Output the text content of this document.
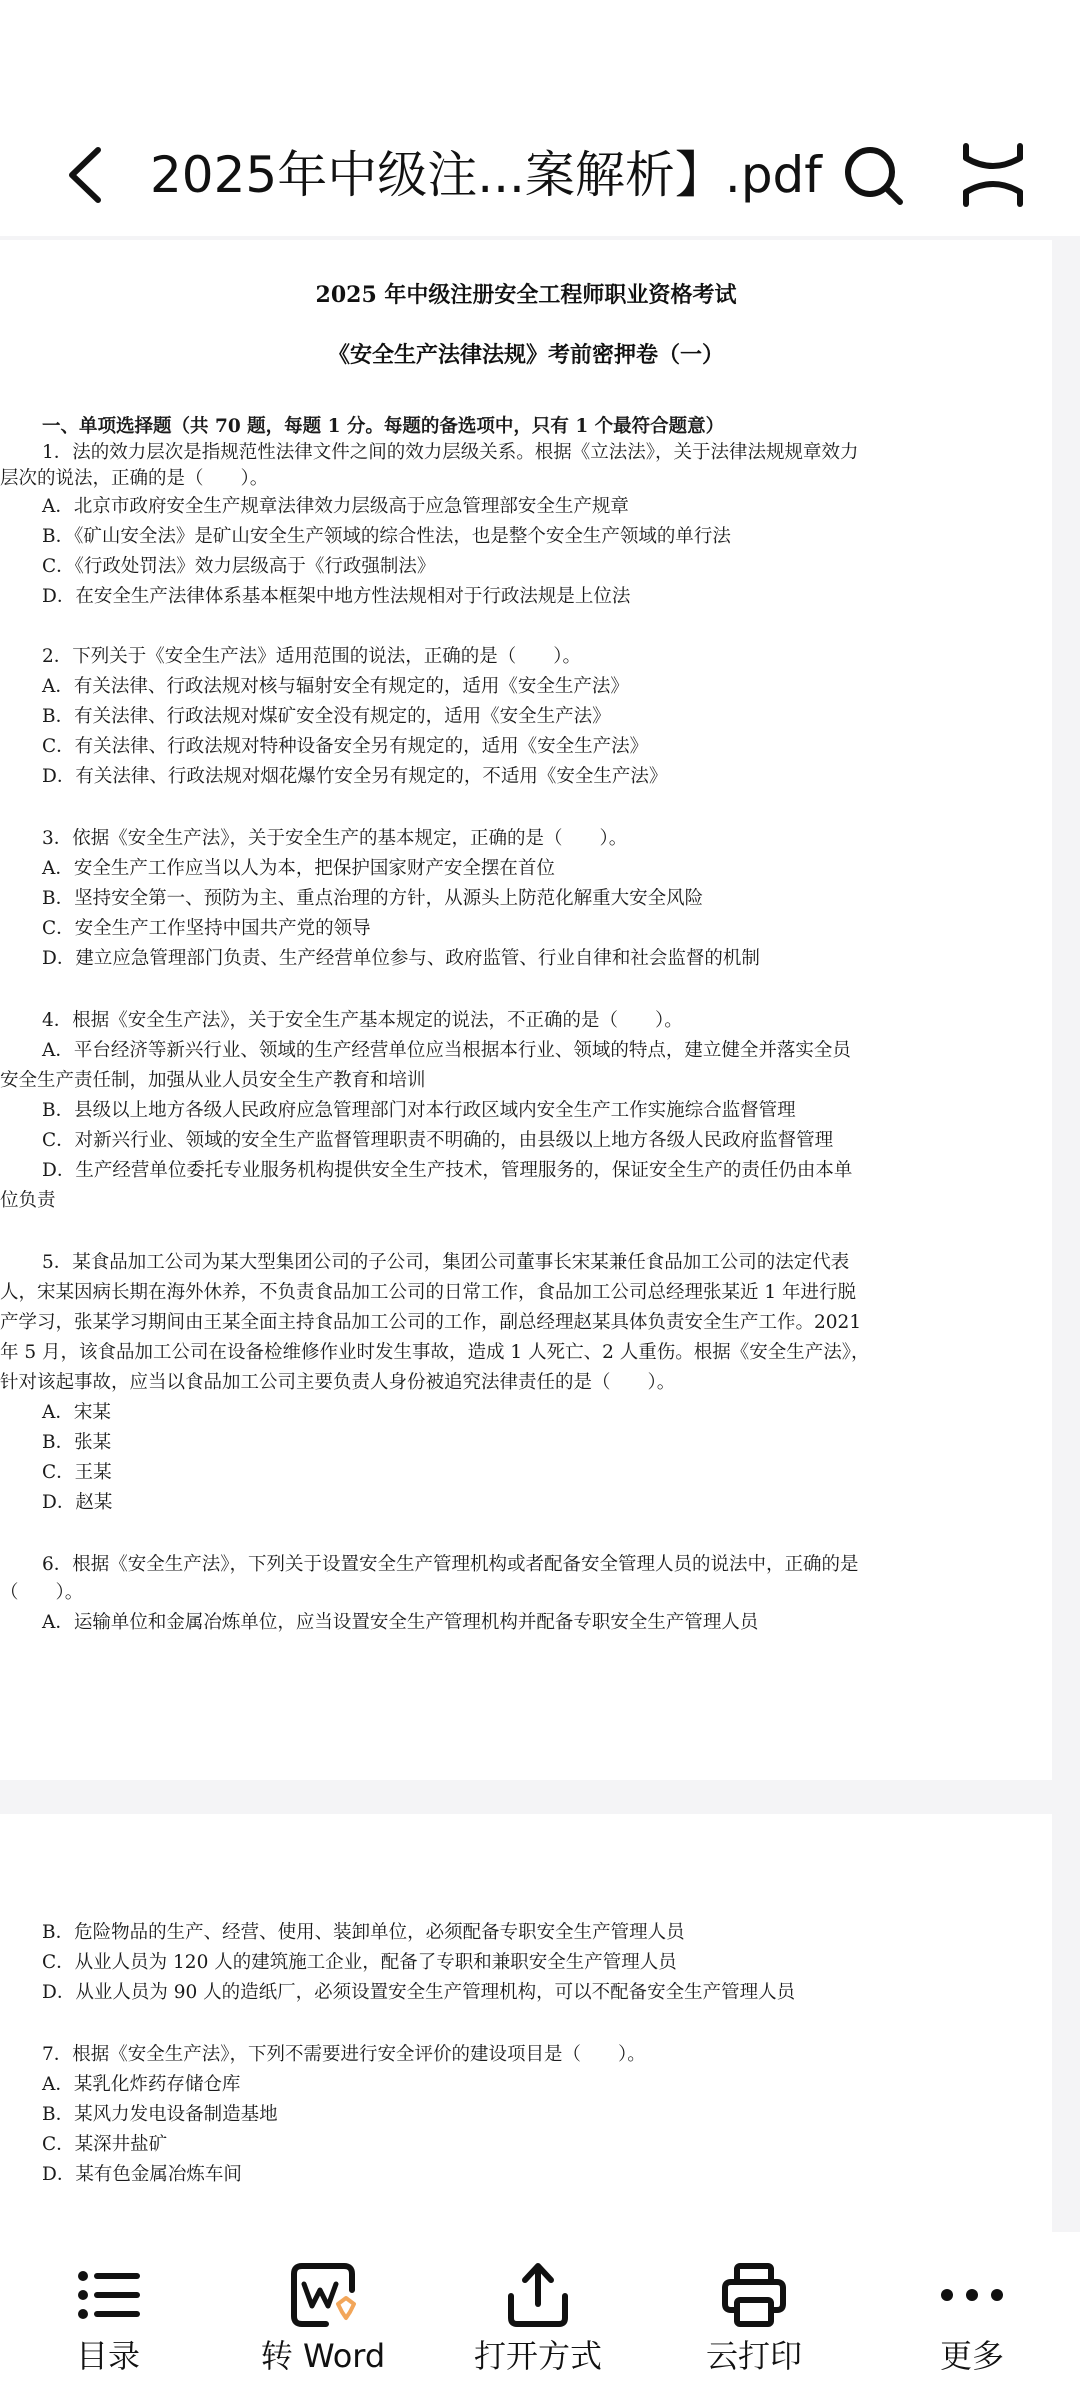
2025年中级注...案解析】.pdf
2025 年中级注册安全工程师职业资格考试
《安全生产法律法规》考前密押卷（一）
一、单项选择题（共 70 题，每题 1 分。每题的备选项中，只有 1 个最符合题意）
1．法的效力层次是指规范性法律文件之间的效力层级关系。根据《立法法》，关于法律法规规章效力
层次的说法，正确的是（　　）。
A．北京市政府安全生产规章法律效力层级高于应急管理部安全生产规章
B．《矿山安全法》是矿山安全生产领域的综合性法，也是整个安全生产领域的单行法
C．《行政处罚法》效力层级高于《行政强制法》
D．在安全生产法律体系基本框架中地方性法规相对于行政法规是上位法
2．下列关于《安全生产法》适用范围的说法，正确的是（　　）。
A．有关法律、行政法规对核与辐射安全有规定的，适用《安全生产法》
B．有关法律、行政法规对煤矿安全没有规定的，适用《安全生产法》
C．有关法律、行政法规对特种设备安全另有规定的，适用《安全生产法》
D．有关法律、行政法规对烟花爆竹安全另有规定的，不适用《安全生产法》
3．依据《安全生产法》，关于安全生产的基本规定，正确的是（　　）。
A．安全生产工作应当以人为本，把保护国家财产安全摆在首位
B．坚持安全第一、预防为主、重点治理的方针，从源头上防范化解重大安全风险
C．安全生产工作坚持中国共产党的领导
D．建立应急管理部门负责、生产经营单位参与、政府监管、行业自律和社会监督的机制
4．根据《安全生产法》，关于安全生产基本规定的说法，不正确的是（　　）。
A．平台经济等新兴行业、领域的生产经营单位应当根据本行业、领域的特点，建立健全并落实全员
安全生产责任制，加强从业人员安全生产教育和培训
B．县级以上地方各级人民政府应急管理部门对本行政区域内安全生产工作实施综合监督管理
C．对新兴行业、领域的安全生产监督管理职责不明确的，由县级以上地方各级人民政府监督管理
D．生产经营单位委托专业服务机构提供安全生产技术，管理服务的，保证安全生产的责任仍由本单
位负责
5．某食品加工公司为某大型集团公司的子公司，集团公司董事长宋某兼任食品加工公司的法定代表
人，宋某因病长期在海外休养，不负责食品加工公司的日常工作，食品加工公司总经理张某近 1 年进行脱
产学习，张某学习期间由王某全面主持食品加工公司的工作，副总经理赵某具体负责安全生产工作。2021
年 5 月，该食品加工公司在设备检维修作业时发生事故，造成 1 人死亡、2 人重伤。根据《安全生产法》，
针对该起事故，应当以食品加工公司主要负责人身份被追究法律责任的是（　　）。
A．宋某
B．张某
C．王某
D．赵某
6．根据《安全生产法》，下列关于设置安全生产管理机构或者配备安全管理人员的说法中，正确的是
（　　）。
A．运输单位和金属冶炼单位，应当设置安全生产管理机构并配备专职安全生产管理人员
B．危险物品的生产、经营、使用、装卸单位，必须配备专职安全生产管理人员
C．从业人员为 120 人的建筑施工企业，配备了专职和兼职安全生产管理人员
D．从业人员为 90 人的造纸厂，必须设置安全生产管理机构，可以不配备安全生产管理人员
7．根据《安全生产法》，下列不需要进行安全评价的建设项目是（　　）。
A．某乳化炸药存储仓库
B．某风力发电设备制造基地
C．某深井盐矿
D．某有色金属冶炼车间
目录	转 Word	打开方式	云打印	更多
